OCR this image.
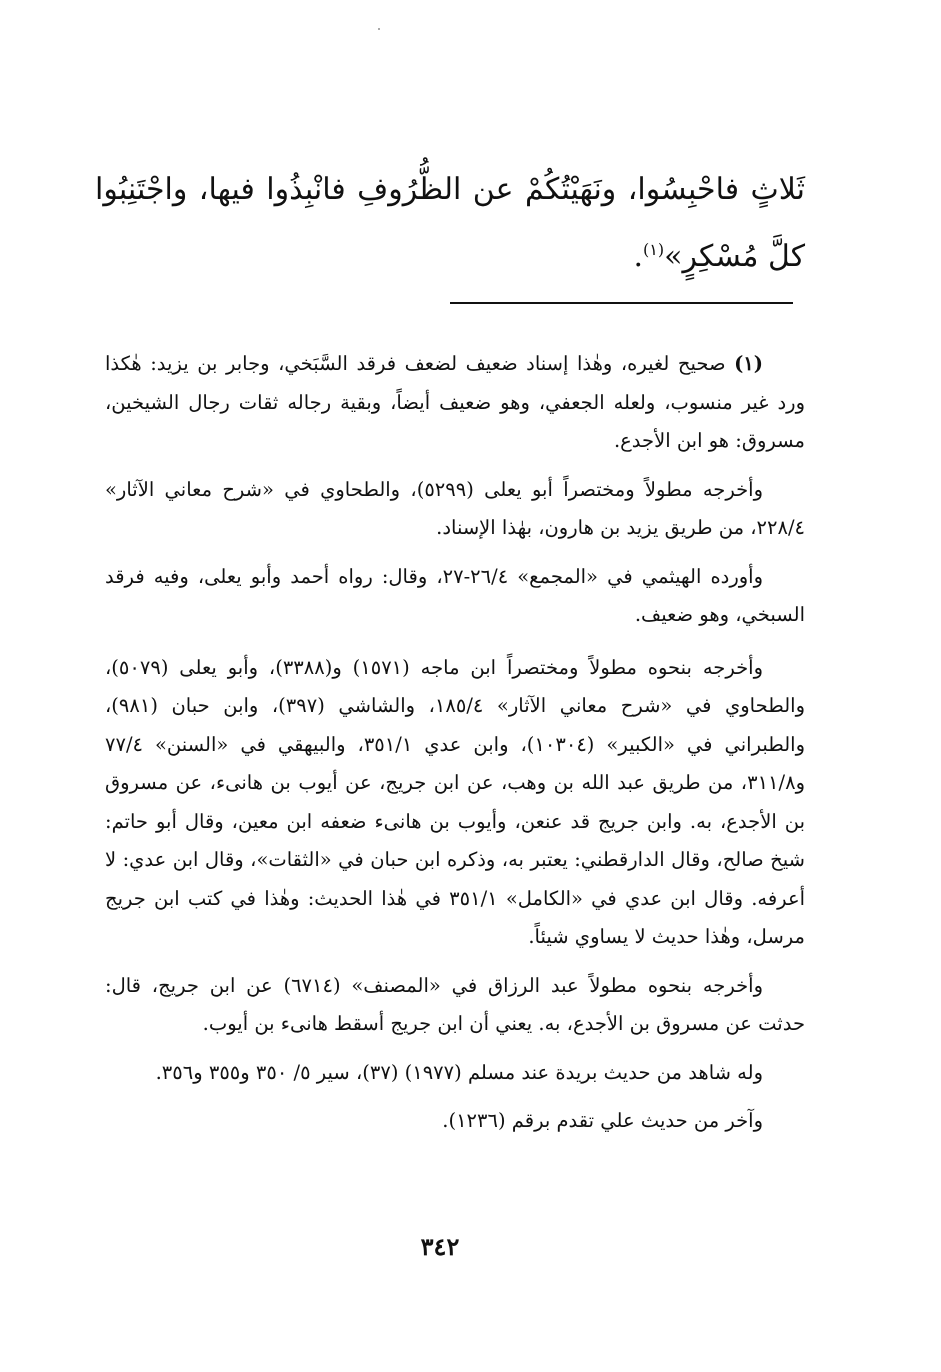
ثَلاثٍ فاحْبِسُوا، ونَهَيْتُكُمْ عن الظُّرُوفِ فانْبِذُوا فيها، واجْتَنِبُوا كلَّ مُسْكِرٍ»$^{(١)}$.

(١) صحيح لغيره، وهٰذا إسناد ضعيف لضعف فرقد السَّبَخي، وجابر بن يزيد: هٰكذا ورد غير منسوب، ولعله الجعفي، وهو ضعيف أيضاً، وبقية رجاله ثقات رجال الشيخين، مسروق: هو ابن الأجدع.

وأخرجه مطولاً ومختصراً أبو يعلى (٥٢٩٩)، والطحاوي في «شرح معاني الآثار» ٢٢٨/٤، من طريق يزيد بن هارون، بهٰذا الإسناد.

وأورده الهيثمي في «المجمع» ٢٦/٤-٢٧، وقال: رواه أحمد وأبو يعلى، وفيه فرقد السبخي، وهو ضعيف.

وأخرجه بنحوه مطولاً ومختصراً ابن ماجه (١٥٧١) و(٣٣٨٨)، وأبو يعلى (٥٠٧٩)، والطحاوي في «شرح معاني الآثار» ١٨٥/٤، والشاشي (٣٩٧)، وابن حبان (٩٨١)، والطبراني في «الكبير» (١٠٣٠٤)، وابن عدي ٣٥١/١، والبيهقي في «السنن» ٧٧/٤ و٣١١/٨، من طريق عبد الله بن وهب، عن ابن جريج، عن أيوب بن هانىء، عن مسروق بن الأجدع، به. وابن جريج قد عنعن، وأيوب بن هانىء ضعفه ابن معين، وقال أبو حاتم: شيخ صالح، وقال الدارقطني: يعتبر به، وذكره ابن حبان في «الثقات»، وقال ابن عدي: لا أعرفه. وقال ابن عدي في «الكامل» ٣٥١/١ في هٰذا الحديث: وهٰذا في كتب ابن جريج مرسل، وهٰذا حديث لا يساوي شيئاً.

وأخرجه بنحوه مطولاً عبد الرزاق في «المصنف» (٦٧١٤) عن ابن جريج، قال: حدثت عن مسروق بن الأجدع، به. يعني أن ابن جريج أسقط هانىء بن أيوب.

وله شاهد من حديث بريدة عند مسلم (١٩٧٧) (٣٧)، سير ٥/ ٣٥٠ و٣٥٥ و٣٥٦.

وآخر من حديث علي تقدم برقم (١٢٣٦).

٣٤٢
